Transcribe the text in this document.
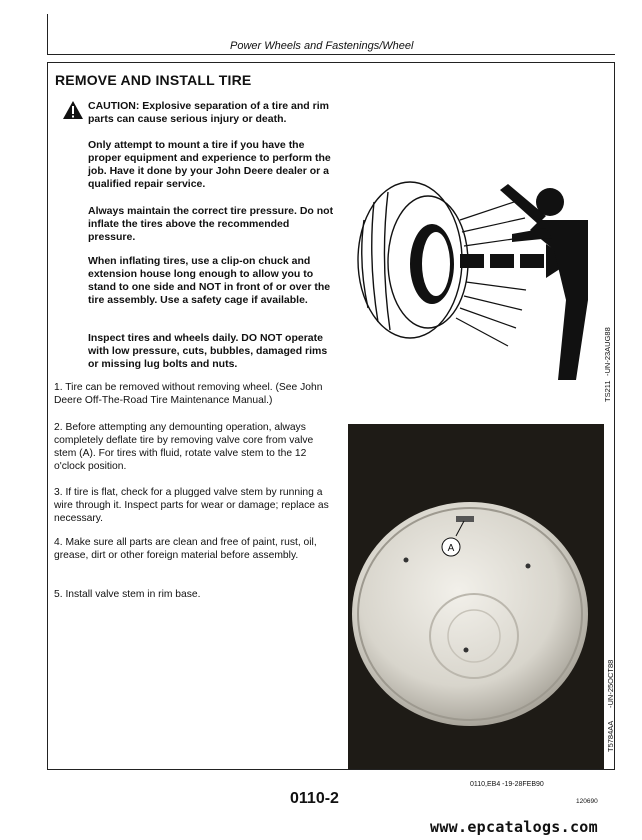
Power Wheels and Fastenings/Wheel
REMOVE AND INSTALL TIRE
CAUTION: Explosive separation of a tire and rim parts can cause serious injury or death.

Only attempt to mount a tire if you have the proper equipment and experience to perform the job. Have it done by your John Deere dealer or a qualified repair service.

Always maintain the correct tire pressure. Do not inflate the tires above the recommended pressure.

When inflating tires, use a clip-on chuck and extension house long enough to allow you to stand to one side and NOT in front of or over the tire assembly. Use a safety cage if available.

Inspect tires and wheels daily. DO NOT operate with low pressure, cuts, bubbles, damaged rims or missing lug bolts and nuts.

TS211
-UN-23AUG88

1. Tire can be removed without removing wheel. (See John Deere Off-The-Road Tire Maintenance Manual.)

2. Before attempting any demounting operation, always completely deflate tire by removing valve core from valve stem (A). For tires with fluid, rotate valve stem to the 12 o'clock position.

3. If tire is flat, check for a plugged valve stem by running a wire through it. Inspect parts for wear or damage; replace as necessary.

4. Make sure all parts are clean and free of paint, rust, oil, grease, dirt or other foreign material before assembly.

5. Install valve stem in rim base.

A
T5784AA
-UN-25OCT88
0110,EB4 -19-28FEB90
0110-2	120690
www.epcatalogs.com
